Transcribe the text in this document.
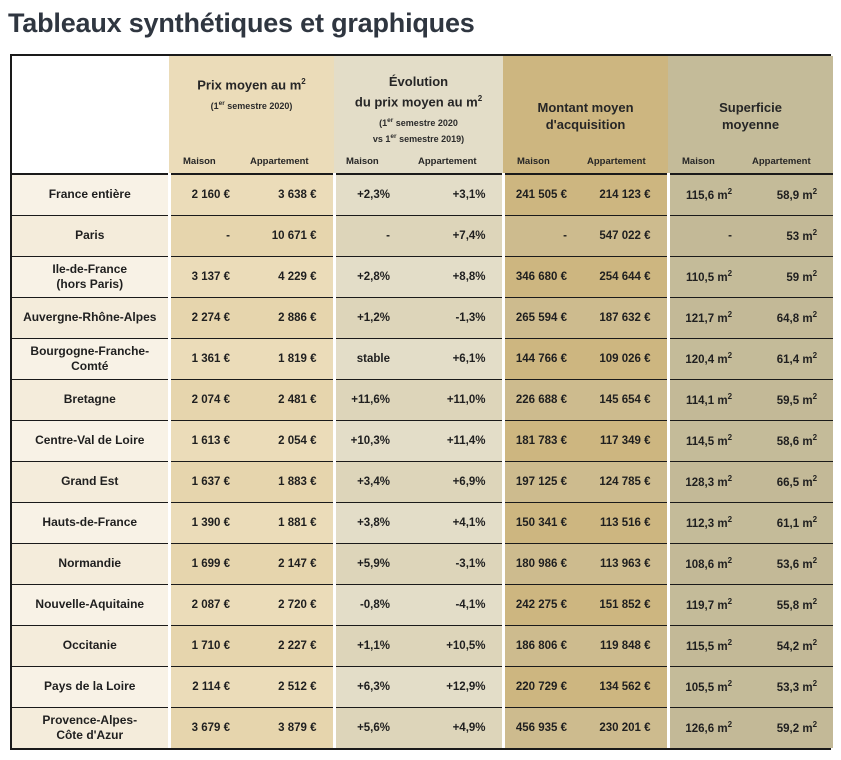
Tableaux synthétiques et graphiques

Prix moyen au $m^2$
(1er semestre 2020)

Évolution
du prix moyen au $m^2$
(1er semestre 2020
vs 1er semestre 2019)

Montant moyen
d'acquisition

Superficie
moyenne

	Maison	Appartement	Maison	Appartement	Maison	Appartement	Maison	Appartement

France entière	2 160 €	3 638 €	+2,3%	+3,1%	241 505 €	214 123 €	115,6 $m^2$	58,9 $m^2$

Paris	-	10 671 €	-	+7,4%	-	547 022 €	-	53 $m^2$

Ile-de-France
(hors Paris)	3 137 €	4 229 €	+2,8%	+8,8%	346 680 €	254 644 €	110,5 $m^2$	59 $m^2$

Auvergne-Rhône-Alpes	2 274 €	2 886 €	+1,2%	-1,3%	265 594 €	187 632 €	121,7 $m^2$	64,8 $m^2$

Bourgogne-Franche-
Comté	1 361 €	1 819 €	stable	+6,1%	144 766 €	109 026 €	120,4 $m^2$	61,4 $m^2$

Bretagne	2 074 €	2 481 €	+11,6%	+11,0%	226 688 €	145 654 €	114,1 $m^2$	59,5 $m^2$

Centre-Val de Loire	1 613 €	2 054 €	+10,3%	+11,4%	181 783 €	117 349 €	114,5 $m^2$	58,6 $m^2$

Grand Est	1 637 €	1 883 €	+3,4%	+6,9%	197 125 €	124 785 €	128,3 $m^2$	66,5 $m^2$

Hauts-de-France	1 390 €	1 881 €	+3,8%	+4,1%	150 341 €	113 516 €	112,3 $m^2$	61,1 $m^2$

Normandie	1 699 €	2 147 €	+5,9%	-3,1%	180 986 €	113 963 €	108,6 $m^2$	53,6 $m^2$

Nouvelle-Aquitaine	2 087 €	2 720 €	-0,8%	-4,1%	242 275 €	151 852 €	119,7 $m^2$	55,8 $m^2$

Occitanie	1 710 €	2 227 €	+1,1%	+10,5%	186 806 €	119 848 €	115,5 $m^2$	54,2 $m^2$

Pays de la Loire	2 114 €	2 512 €	+6,3%	+12,9%	220 729 €	134 562 €	105,5 $m^2$	53,3 $m^2$

Provence-Alpes-
Côte d'Azur	3 679 €	3 879 €	+5,6%	+4,9%	456 935 €	230 201 €	126,6 $m^2$	59,2 $m^2$
